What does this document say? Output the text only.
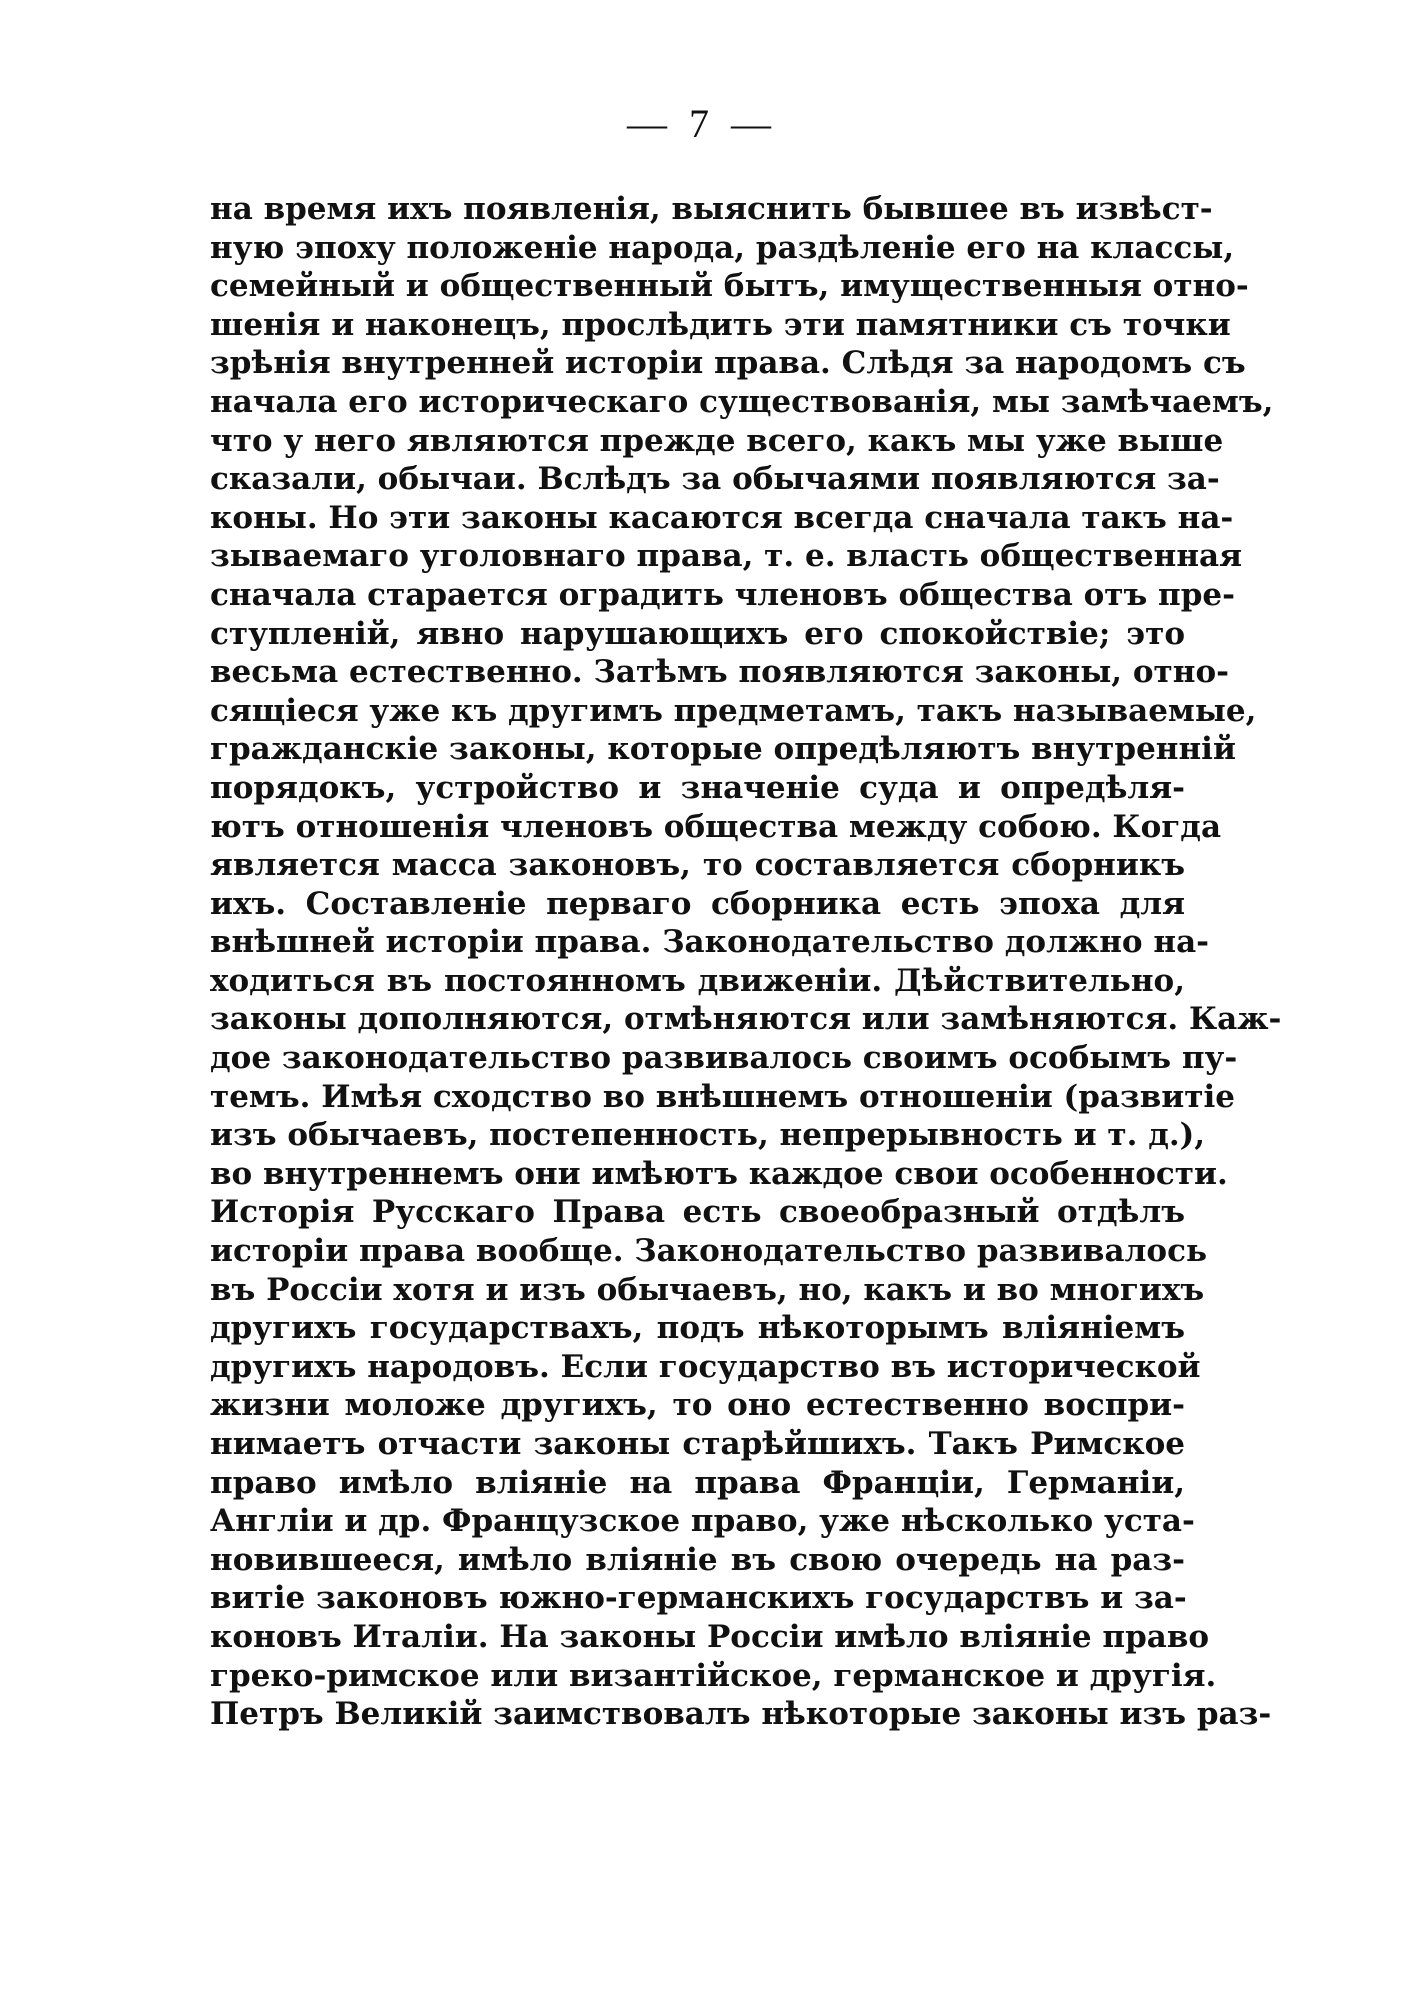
— 7 —
на время ихъ появленія, выяснить бывшее въ извѣст-
ную эпоху положеніе народа, раздѣленіе его на классы,
семейный и общественный бытъ, имущественныя отно-
шенія и наконецъ, прослѣдить эти памятники съ точки
зрѣнія внутренней исторіи права. Слѣдя за народомъ съ
начала его историческаго существованія, мы замѣчаемъ,
что у него являются прежде всего, какъ мы уже выше
сказали, обычаи. Вслѣдъ за обычаями появляются за-
коны. Но эти законы касаются всегда сначала такъ на-
зываемаго уголовнаго права, т. е. власть общественная
сначала старается оградить членовъ общества отъ пре-
ступленій, явно нарушающихъ его спокойствіе; это
весьма естественно. Затѣмъ появляются законы, отно-
сящіеся уже къ другимъ предметамъ, такъ называемые,
гражданскіе законы, которые опредѣляютъ внутренній
порядокъ, устройство и значеніе суда и опредѣля-
ютъ отношенія членовъ общества между собою. Когда
является масса законовъ, то составляется сборникъ
ихъ. Составленіе перваго сборника есть эпоха для
внѣшней исторіи права. Законодательство должно на-
ходиться въ постоянномъ движеніи. Дѣйствительно,
законы дополняются, отмѣняются или замѣняются. Каж-
дое законодательство развивалось своимъ особымъ пу-
темъ. Имѣя сходство во внѣшнемъ отношеніи (развитіе
изъ обычаевъ, постепенность, непрерывность и т. д.),
во внутреннемъ они имѣютъ каждое свои особенности.
Исторія Русскаго Права есть своеобразный отдѣлъ
исторіи права вообще. Законодательство развивалось
въ Россіи хотя и изъ обычаевъ, но, какъ и во многихъ
другихъ государствахъ, подъ нѣкоторымъ вліяніемъ
другихъ народовъ. Если государство въ исторической
жизни моложе другихъ, то оно естественно воспри-
нимаетъ отчасти законы старѣйшихъ. Такъ Римское
право имѣло вліяніе на права Франціи, Германіи,
Англіи и др. Французское право, уже нѣсколько уста-
новившееся, имѣло вліяніе въ свою очередь на раз-
витіе законовъ южно-германскихъ государствъ и за-
коновъ Италіи. На законы Россіи имѣло вліяніе право
греко-римское или византійское, германское и другія.
Петръ Великій заимствовалъ нѣкоторые законы изъ раз-
